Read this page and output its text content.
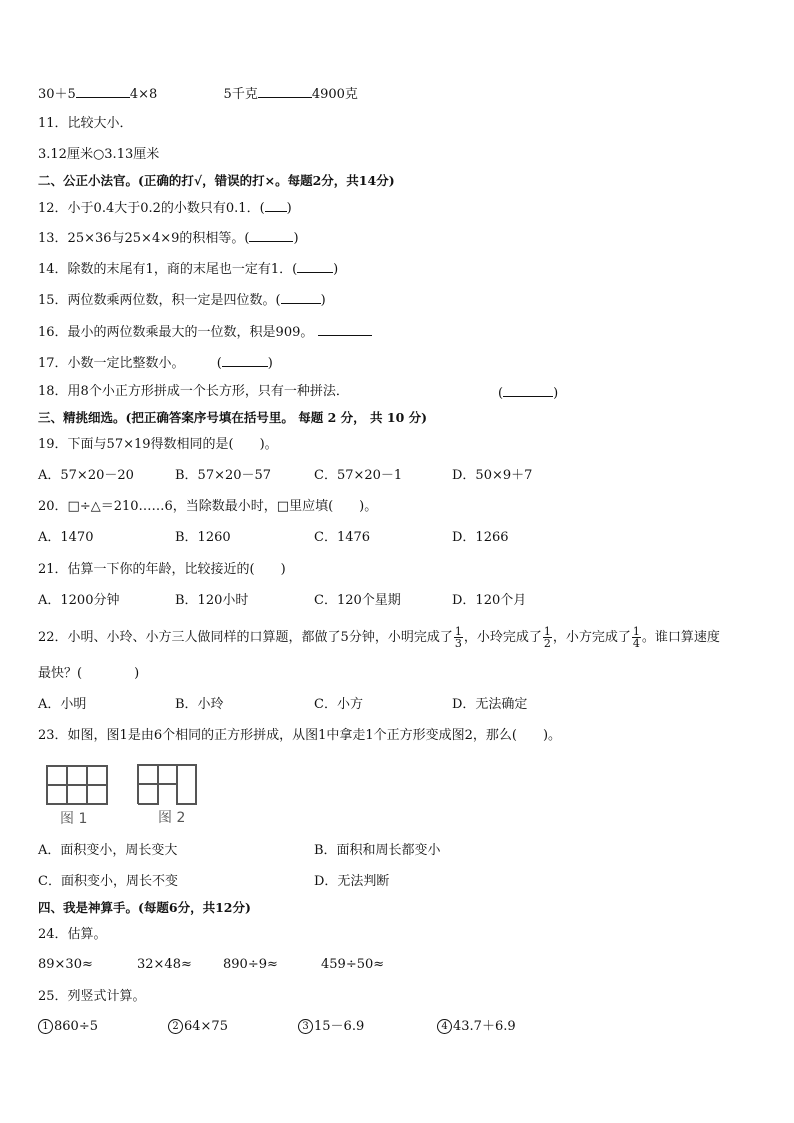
30＋5	4×8	5千克	4900克
11．比较大小．
3.12厘米○3.13厘米
二、公正小法官。(正确的打√，错误的打×。每题2分，共14分)
12．小于0.4大于0.2的小数只有0.1．( )
13．25×36与25×4×9的积相等。(	)
14．除数的末尾有1，商的末尾也一定有1．(	)
15．两位数乘两位数，积一定是四位数。(	)
16．最小的两位数乘最大的一位数，积是909。
17．小数一定比整数小。 (	)
18．用8个小正方形拼成一个长方形，只有一种拼法．	(	)
三、精挑细选。(把正确答案序号填在括号里。 每题 2 分， 共 10 分)
19．下面与57×19得数相同的是(　　)。
A．57×20－20	B．57×20－57	C．57×20－1	D．50×9＋7
20．□÷△＝210……6，当除数最小时，□里应填(　　)。
A．1470	B．1260	C．1476	D．1266
21．估算一下你的年龄，比较接近的(　　)
A．1200分钟	B．120小时	C．120个星期	D．120个月
22．小明、小玲、小方三人做同样的口算题，都做了5分钟，小明完成了 $\frac{1}{3}$ ，小玲完成了 $\frac{1}{2}$ ，小方完成了 $\frac{1}{4}$ 。谁口算速度
最快？(　　　　)
A．小明	B．小玲	C．小方	D．无法确定
23．如图，图1是由6个相同的正方形拼成，从图1中拿走1个正方形变成图2，那么(　　)。
图 1	图 2
A．面积变小，周长变大	B．面积和周长都变小
C．面积变小，周长不变	D．无法判断
四、我是神算手。(每题6分，共12分)
24．估算。
89×30≈	32×48≈ 890÷9≈	459÷50≈
25．列竖式计算。
1 860÷5	2 64×75	3 15－6.9	4 43.7＋6.9
